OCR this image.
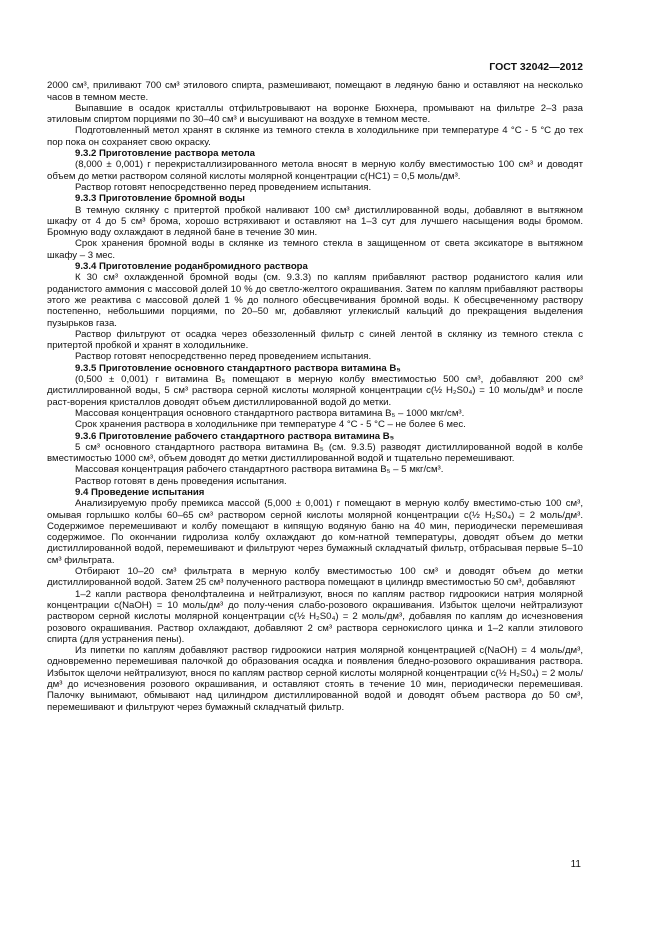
ГОСТ 32042—2012

2000 см³, приливают 700 см³ этилового спирта, размешивают, помещают в ледяную баню и оставляют на несколько часов в темном месте.

Выпавшие в осадок кристаллы отфильтровывают на воронке Бюхнера, промывают на фильтре 2–3 раза этиловым спиртом порциями по 30–40 см³ и высушивают на воздухе в темном месте.

Подготовленный метол хранят в склянке из темного стекла в холодильнике при температуре 4 °С - 5 °С до тех пор пока он сохраняет свою окраску.

9.3.2 Приготовление раствора метола

(8,000 ± 0,001) г перекристаллизированного метола вносят в мерную колбу вместимостью 100 см³ и доводят объем до метки раствором соляной кислоты молярной концентрации c(HC1) = 0,5 моль/дм³.

Раствор готовят непосредственно перед проведением испытания.

9.3.3 Приготовление бромной воды

В темную склянку с притертой пробкой наливают 100 см³ дистиллированной воды, добавляют в вытяжном шкафу от 4 до 5 см³ брома, хорошо встряхивают и оставляют на 1–3 сут для лучшего насыщения воды бромом. Бромную воду охлаждают в ледяной бане в течение 30 мин.

Срок хранения бромной воды в склянке из темного стекла в защищенном от света эксикаторе в вытяжном шкафу – 3 мес.

9.3.4 Приготовление роданбромидного раствора

К 30 см³ охлажденной бромной воды (см. 9.3.3) по каплям прибавляют раствор роданистого калия или роданистого аммония с массовой долей 10 % до светло-желтого окрашивания. Затем по каплям прибавляют растворы этого же реактива с массовой долей 1 % до полного обесцвечивания бромной воды. К обесцвеченному раствору постепенно, небольшими порциями, по 20–50 мг, добавляют углекислый кальций до прекращения выделения пузырьков газа.

Раствор фильтруют от осадка через обеззоленный фильтр с синей лентой в склянку из темного стекла с притертой пробкой и хранят в холодильнике.

Раствор готовят непосредственно перед проведением испытания.

9.3.5 Приготовление основного стандартного раствора витамина B₅

(0,500 ± 0,001) г витамина B₅ помещают в мерную колбу вместимостью 500 см³, добавляют 200 см³ дистиллированной воды, 5 см³ раствора серной кислоты молярной концентрации c(½ H₂S0₄) = 10 моль/дм³ и после раст-ворения кристаллов доводят объем дистиллированной водой до метки.

Массовая концентрация основного стандартного раствора витамина B₅ – 1000 мкг/см³.

Срок хранения раствора в холодильнике при температуре 4 °С - 5 °С – не более 6 мес.

9.3.6 Приготовление рабочего стандартного раствора витамина B₅

5 см³ основного стандартного раствора витамина B₅ (см. 9.3.5) разводят дистиллированной водой в колбе вместимостью 1000 см³, объем доводят до метки дистиллированной водой и тщательно перемешивают.

Массовая концентрация рабочего стандартного раствора витамина B₅ – 5 мкг/см³.

Раствор готовят в день проведения испытания.

9.4 Проведение испытания

Анализируемую пробу премикса массой (5,000 ± 0,001) г помещают в мерную колбу вместимо-стью 100 см³, омывая горлышко колбы 60–65 см³ раствором серной кислоты молярной концентрации c(½ H₂S0₄) = 2 моль/дм³. Содержимое перемешивают и колбу помещают в кипящую водяную баню на 40 мин, периодически перемешивая содержимое. По окончании гидролиза колбу охлаждают до ком-натной температуры, доводят объем до метки дистиллированной водой, перемешивают и фильтруют через бумажный складчатый фильтр, отбрасывая первые 5–10 см³ фильтрата.

Отбирают 10–20 см³ фильтрата в мерную колбу вместимостью 100 см³ и доводят объем до метки дистиллированной водой. Затем 25 см³ полученного раствора помещают в цилиндр вместимостью 50 см³, добавляют

1–2 капли раствора фенолфталеина и нейтрализуют, внося по каплям раствор гидроокиси натрия молярной концентрации c(NaOH) = 10 моль/дм³ до полу-чения слабо-розового окрашивания. Избыток щелочи нейтрализуют раствором серной кислоты молярной концентрации c(½ H₂S0₄) = 2 моль/дм³, добавляя по каплям до исчезновения розового окрашивания. Раствор охлаждают, добавляют 2 см³ раствора сернокислого цинка и 1–2 капли этилового спирта (для устранения пены).

Из пипетки по каплям добавляют раствор гидроокиси натрия молярной концентрацией c(NaOH) = 4 моль/дм³, одновременно перемешивая палочкой до образования осадка и появления бледно-розового окрашивания раствора. Избыток щелочи нейтрализуют, внося по каплям раствор серной кислоты молярной концентрации c(½ H₂S0₄) = 2 моль/дм³ до исчезновения розового окрашивания, и оставляют стоять в течение 10 мин, периодически перемешивая. Палочку вынимают, обмывают над цилиндром дистиллированной водой и доводят объем раствора до 50 см³, перемешивают и фильтруют через бумажный складчатый фильтр.

11
